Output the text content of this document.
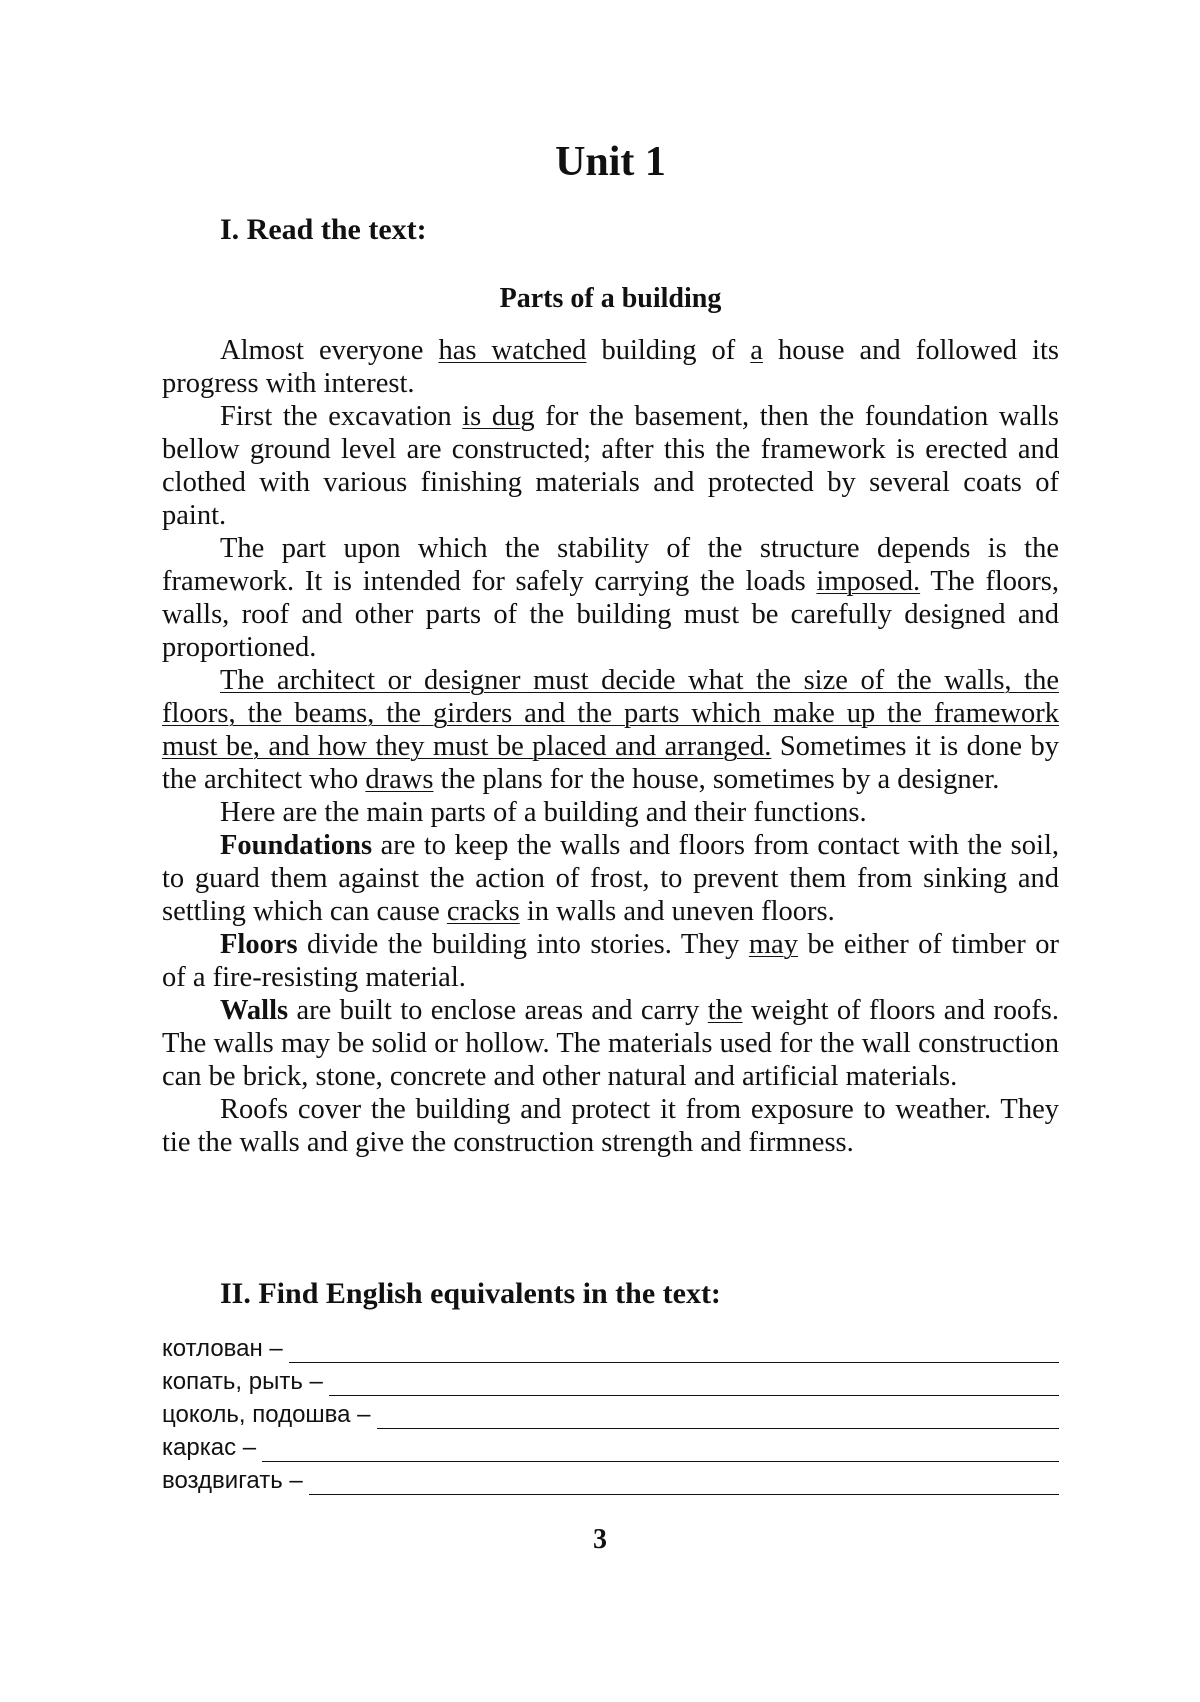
Unit 1
I. Read the text:
Parts of a building

Almost everyone has watched building of a house and followed its progress with interest.

First the excavation is dug for the basement, then the foundation walls bellow ground level are constructed; after this the framework is erected and clothed with various finishing materials and protected by several coats of paint.

The part upon which the stability of the structure depends is the framework. It is intended for safely carrying the loads imposed. The floors, walls, roof and other parts of the building must be carefully designed and proportioned.

The architect or designer must decide what the size of the walls, the floors, the beams, the girders and the parts which make up the framework must be, and how they must be placed and arranged. Sometimes it is done by the architect who draws the plans for the house, sometimes by a designer.

Here are the main parts of a building and their functions.

Foundations are to keep the walls and floors from contact with the soil, to guard them against the action of frost, to prevent them from sinking and settling which can cause cracks in walls and uneven floors.

Floors divide the building into stories. They may be either of timber or of a fire-resisting material.

Walls are built to enclose areas and carry the weight of floors and roofs. The walls may be solid or hollow. The materials used for the wall construction can be brick, stone, concrete and other natural and artificial materials.

Roofs cover the building and protect it from exposure to weather. They tie the walls and give the construction strength and firmness.

II. Find English equivalents in the text:
котлован –
копать, рыть –
цоколь, подошва –
каркас –
воздвигать –

3
